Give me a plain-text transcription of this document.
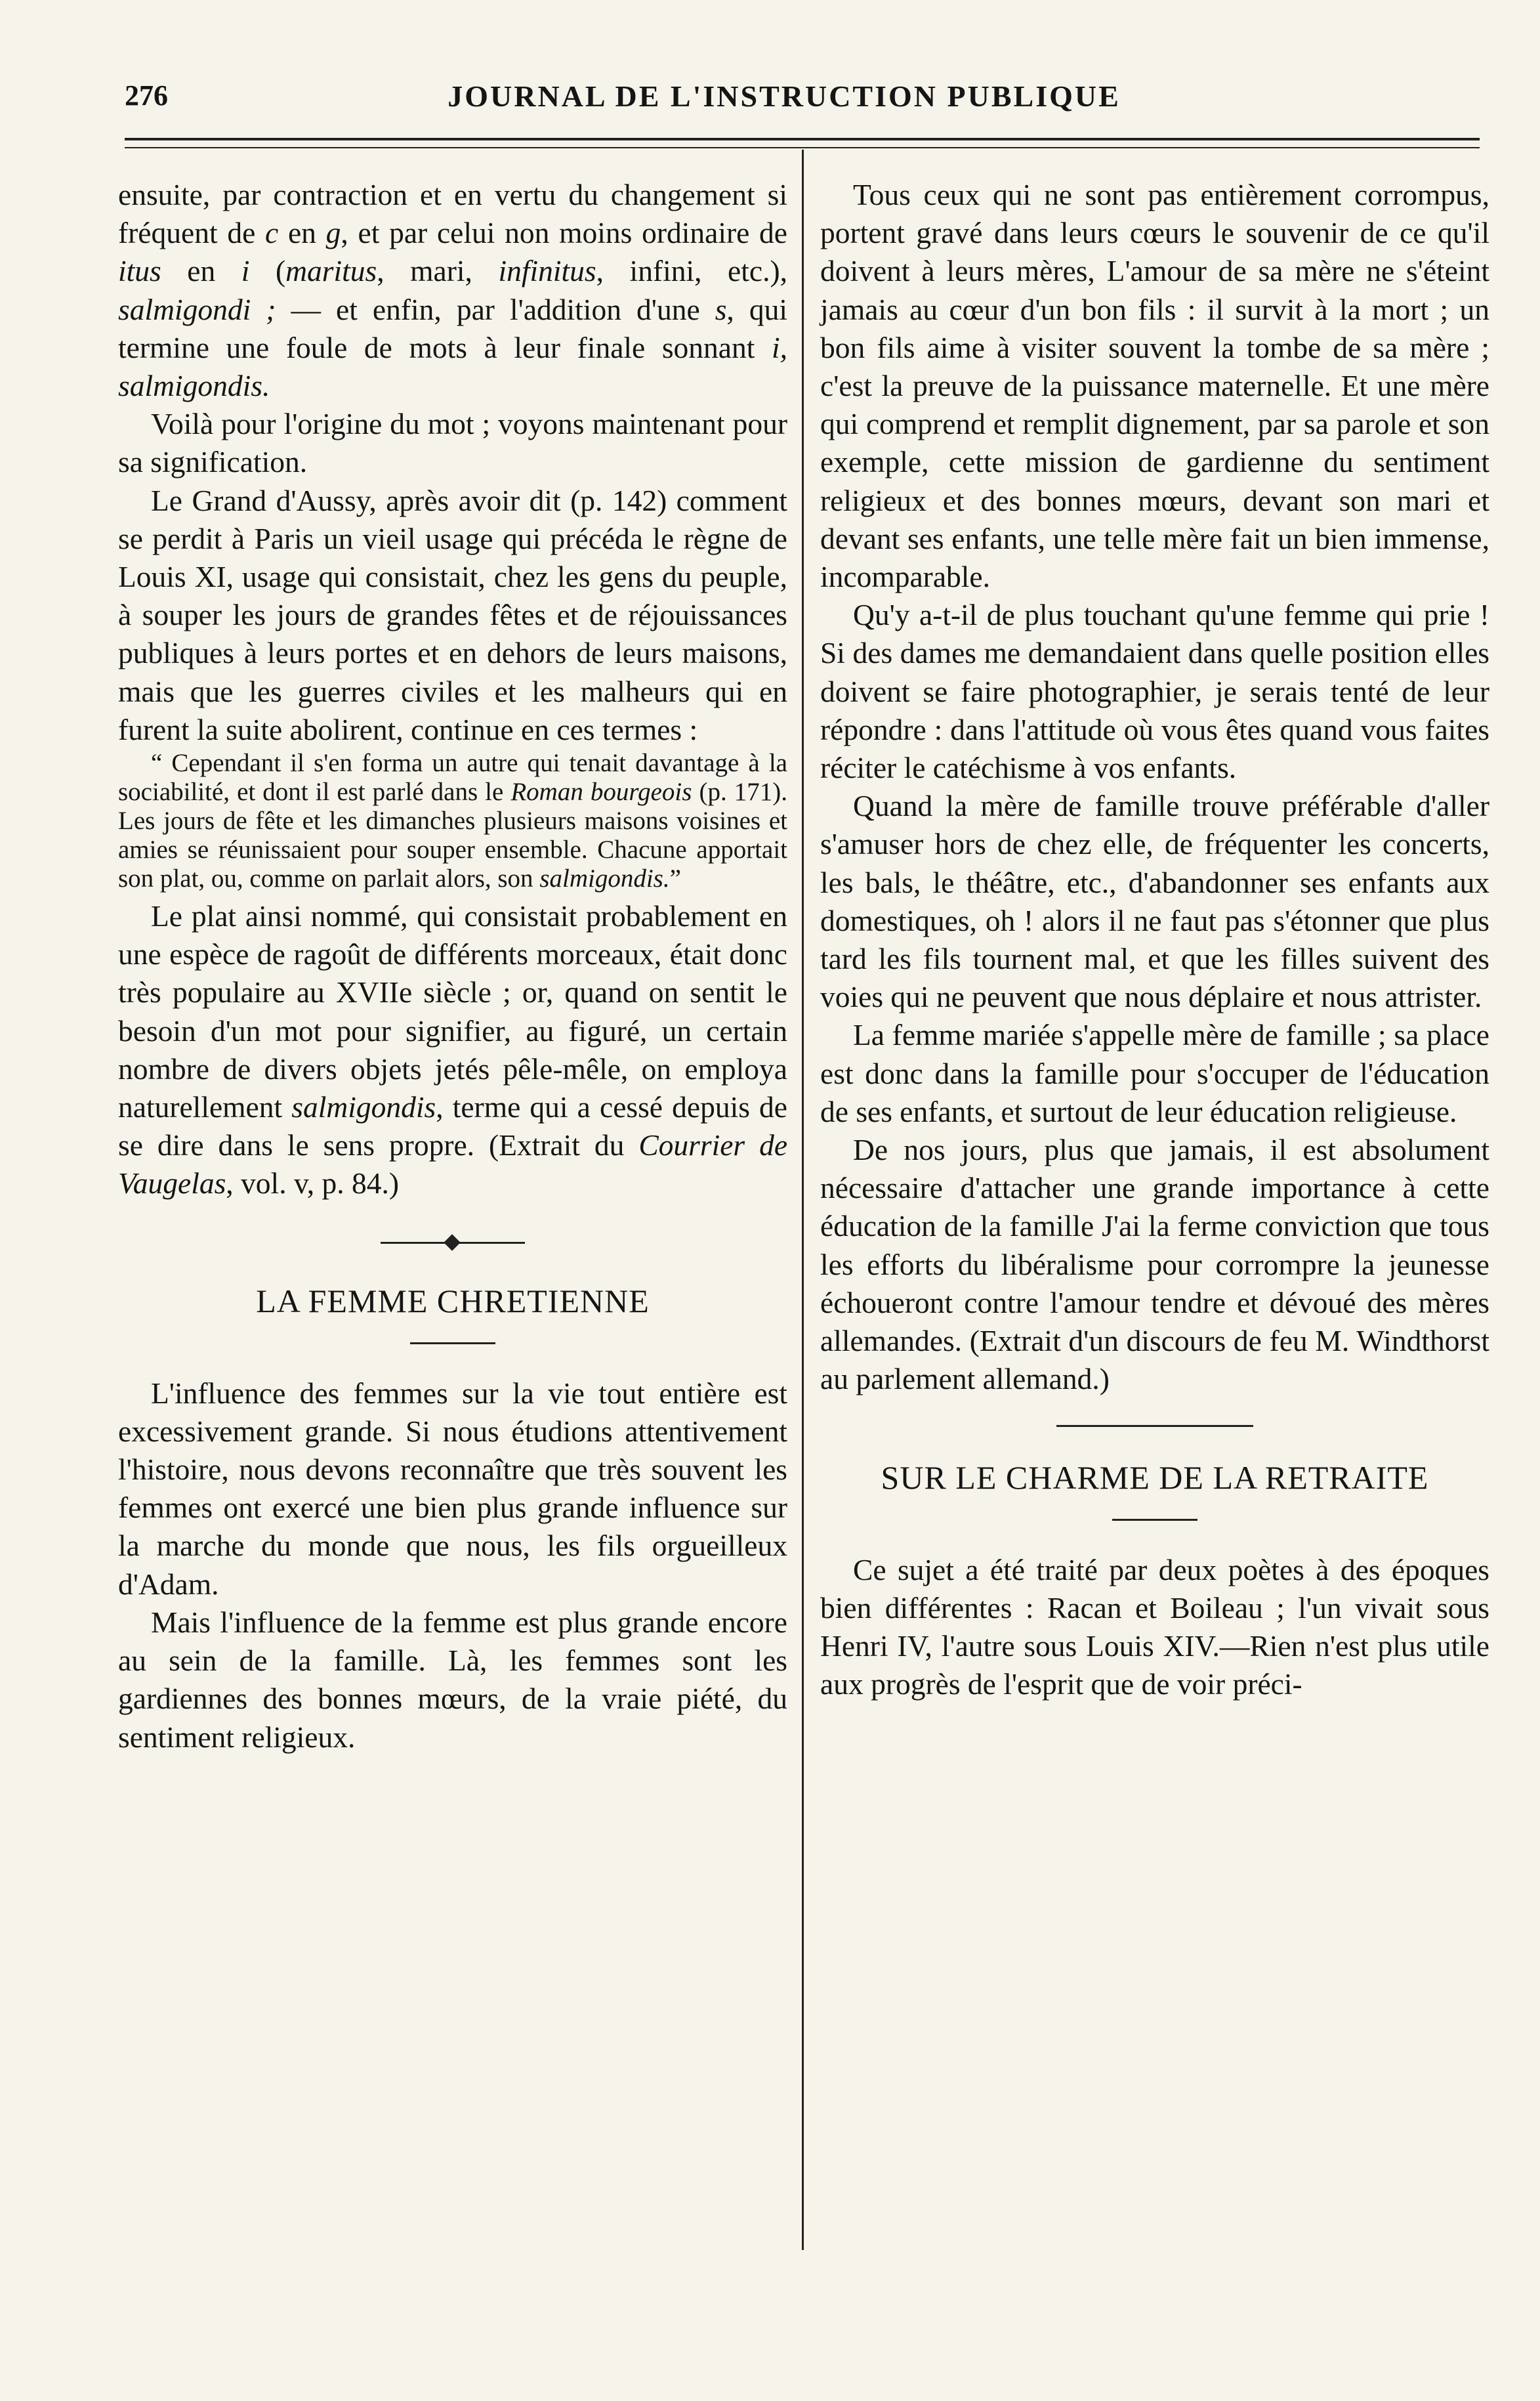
276	JOURNAL DE L'INSTRUCTION PUBLIQUE

ensuite, par contraction et en vertu du changement si fréquent de c en g, et par celui non moins ordinaire de itus en i (maritus, mari, infinitus, infini, etc.), salmigondi ; — et enfin, par l'addition d'une s, qui termine une foule de mots à leur finale sonnant i, salmigondis.

Voilà pour l'origine du mot ; voyons maintenant pour sa signification.

Le Grand d'Aussy, après avoir dit (p. 142) comment se perdit à Paris un vieil usage qui précéda le règne de Louis XI, usage qui consistait, chez les gens du peuple, à souper les jours de grandes fêtes et de réjouissances publiques à leurs portes et en dehors de leurs maisons, mais que les guerres civiles et les malheurs qui en furent la suite abolirent, continue en ces termes :

“ Cependant il s'en forma un autre qui tenait davantage à la sociabilité, et dont il est parlé dans le Roman bourgeois (p. 171). Les jours de fête et les dimanches plusieurs maisons voisines et amies se réunissaient pour souper ensemble. Chacune apportait son plat, ou, comme on parlait alors, son salmigondis.”

Le plat ainsi nommé, qui consistait probablement en une espèce de ragoût de différents morceaux, était donc très populaire au XVIIe siècle ; or, quand on sentit le besoin d'un mot pour signifier, au figuré, un certain nombre de divers objets jetés pêle-mêle, on employa naturellement salmigondis, terme qui a cessé depuis de se dire dans le sens propre. (Extrait du Courrier de Vaugelas, vol. v, p. 84.)

LA FEMME CHRETIENNE

L'influence des femmes sur la vie tout entière est excessivement grande. Si nous étudions attentivement l'histoire, nous devons reconnaître que très souvent les femmes ont exercé une bien plus grande influence sur la marche du monde que nous, les fils orgueilleux d'Adam.

Mais l'influence de la femme est plus grande encore au sein de la famille. Là, les femmes sont les gardiennes des bonnes mœurs, de la vraie piété, du sentiment religieux.

Tous ceux qui ne sont pas entièrement corrompus, portent gravé dans leurs cœurs le souvenir de ce qu'il doivent à leurs mères, L'amour de sa mère ne s'éteint jamais au cœur d'un bon fils : il survit à la mort ; un bon fils aime à visiter souvent la tombe de sa mère ; c'est la preuve de la puissance maternelle. Et une mère qui comprend et remplit dignement, par sa parole et son exemple, cette mission de gardienne du sentiment religieux et des bonnes mœurs, devant son mari et devant ses enfants, une telle mère fait un bien immense, incomparable.

Qu'y a-t-il de plus touchant qu'une femme qui prie ! Si des dames me demandaient dans quelle position elles doivent se faire photographier, je serais tenté de leur répondre : dans l'attitude où vous êtes quand vous faites réciter le catéchisme à vos enfants.

Quand la mère de famille trouve préférable d'aller s'amuser hors de chez elle, de fréquenter les concerts, les bals, le théâtre, etc., d'abandonner ses enfants aux domestiques, oh ! alors il ne faut pas s'étonner que plus tard les fils tournent mal, et que les filles suivent des voies qui ne peuvent que nous déplaire et nous attrister.

La femme mariée s'appelle mère de famille ; sa place est donc dans la famille pour s'occuper de l'éducation de ses enfants, et surtout de leur éducation religieuse.

De nos jours, plus que jamais, il est absolument nécessaire d'attacher une grande importance à cette éducation de la famille J'ai la ferme conviction que tous les efforts du libéralisme pour corrompre la jeunesse échoueront contre l'amour tendre et dévoué des mères allemandes. (Extrait d'un discours de feu M. Windthorst au parlement allemand.)

SUR LE CHARME DE LA RETRAITE

Ce sujet a été traité par deux poètes à des époques bien différentes : Racan et Boileau ; l'un vivait sous Henri IV, l'autre sous Louis XIV.—Rien n'est plus utile aux progrès de l'esprit que de voir préci-
